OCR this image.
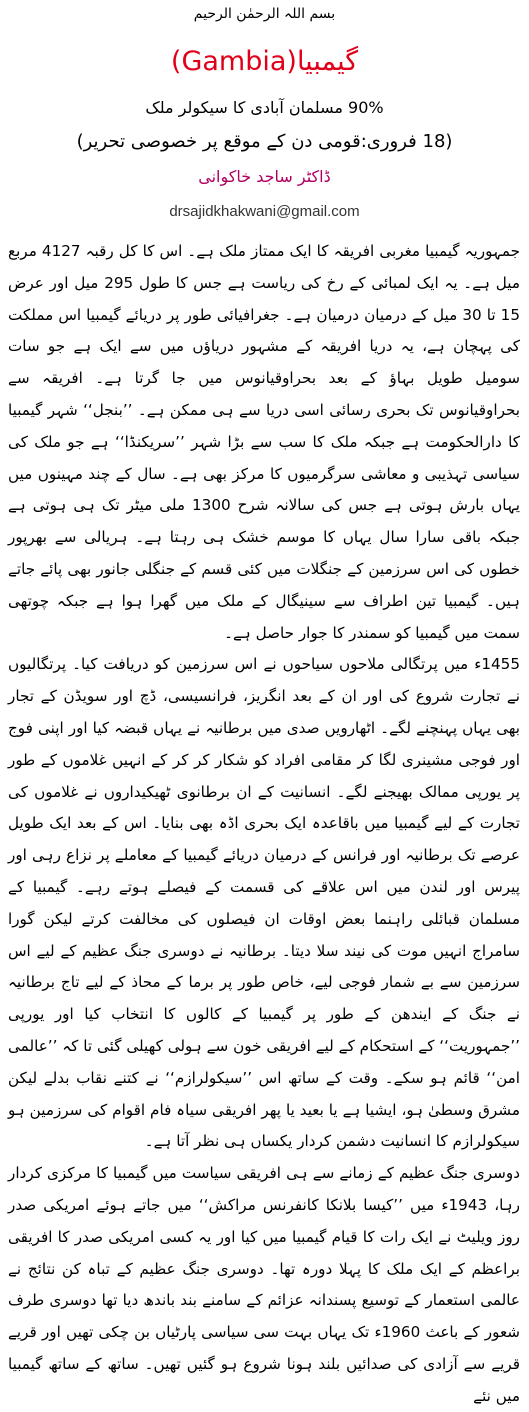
بسم اللہ الرحمٰن الرحیم
گیمبیا(Gambia)
90% مسلمان آبادی کا سیکولر ملک
(18 فروری:قومی دن کے موقع پر خصوصی تحریر)
ڈاکٹر ساجد خاکوانی
drsajidkhakwani@gmail.com

جمہوریہ گیمبیا مغربی افریقہ کا ایک ممتاز ملک ہے۔ اس کا کل رقبہ 4127 مربع میل ہے۔ یہ ایک لمبائی کے رخ کی ریاست ہے جس کا طول 295 میل اور عرض 15 تا 30 میل کے درمیان درمیان ہے۔ جغرافیائی طور پر دریائے گیمبیا اس مملکت کی پہچان ہے، یہ دریا افریقہ کے مشہور دریاؤں میں سے ایک ہے جو سات سومیل طویل بہاؤ کے بعد بحراوقیانوس میں جا گرتا ہے۔ افریقہ سے بحراوقیانوس تک بحری رسائی اسی دریا سے ہی ممکن ہے۔ ’’بنجل‘‘ شہر گیمبیا کا دارالحکومت ہے جبکہ ملک کا سب سے بڑا شہر ’’سریکنڈا‘‘ ہے جو ملک کی سیاسی تہذیبی و معاشی سرگرمیوں کا مرکز بھی ہے۔ سال کے چند مہینوں میں یہاں بارش ہوتی ہے جس کی سالانہ شرح 1300 ملی میٹر تک ہی ہوتی ہے جبکہ باقی سارا سال یہاں کا موسم خشک ہی رہتا ہے۔ ہریالی سے بھرپور خطوں کی اس سرزمین کے جنگلات میں کئی قسم کے جنگلی جانور بھی پائے جاتے ہیں۔ گیمبیا تین اطراف سے سینیگال کے ملک میں گھرا ہوا ہے جبکہ چوتھی سمت میں گیمبیا کو سمندر کا جوار حاصل ہے۔

1455ء میں پرتگالی ملاحوں سیاحوں نے اس سرزمین کو دریافت کیا۔ پرتگالیوں نے تجارت شروع کی اور ان کے بعد انگریز، فرانسیسی، ڈچ اور سویڈن کے تجار بھی یہاں پہنچنے لگے۔ اٹھارویں صدی میں برطانیہ نے یہاں قبضہ کیا اور اپنی فوج اور فوجی مشینری لگا کر مقامی افراد کو شکار کر کر کے انہیں غلاموں کے طور پر یورپی ممالک بھیجنے لگے۔ انسانیت کے ان برطانوی ٹھیکیداروں نے غلاموں کی تجارت کے لیے گیمبیا میں باقاعدہ ایک بحری اڈہ بھی بنایا۔ اس کے بعد ایک طویل عرصے تک برطانیہ اور فرانس کے درمیان دریائے گیمبیا کے معاملے پر نزاع رہی اور پیرس اور لندن میں اس علاقے کی قسمت کے فیصلے ہوتے رہے۔ گیمبیا کے مسلمان قبائلی راہنما بعض اوقات ان فیصلوں کی مخالفت کرتے لیکن گورا سامراج انہیں موت کی نیند سلا دیتا۔ برطانیہ نے دوسری جنگ عظیم کے لیے اس سرزمین سے بے شمار فوجی لیے، خاص طور پر برما کے محاذ کے لیے تاج برطانیہ نے جنگ کے ایندھن کے طور پر گیمبیا کے کالوں کا انتخاب کیا اور یورپی ’’جمہوریت‘‘ کے استحکام کے لیے افریقی خون سے ہولی کھیلی گئی تا کہ ’’عالمی امن‘‘ قائم ہو سکے۔ وقت کے ساتھ اس ’’سیکولرازم‘‘ نے کتنے نقاب بدلے لیکن مشرق وسطیٰ ہو، ایشیا ہے یا بعید یا پھر افریقی سیاہ فام اقوام کی سرزمین ہو سیکولرازم کا انسانیت دشمن کردار یکساں ہی نظر آتا ہے۔

دوسری جنگ عظیم کے زمانے سے ہی افریقی سیاست میں گیمبیا کا مرکزی کردار رہا، 1943ء میں ’’کیسا بلانکا کانفرنس مراکش‘‘ میں جاتے ہوئے امریکی صدر روز ویلیٹ نے ایک رات کا قیام گیمبیا میں کیا اور یہ کسی امریکی صدر کا افریقی براعظم کے ایک ملک کا پہلا دورہ تھا۔ دوسری جنگ عظیم کے تباہ کن نتائج نے عالمی استعمار کے توسیع پسندانہ عزائم کے سامنے بند باندھ دیا تھا دوسری طرف شعور کے باعث 1960ء تک یہاں بہت سی سیاسی پارٹیاں بن چکی تھیں اور قریے قریے سے آزادی کی صدائیں بلند ہونا شروع ہو گئیں تھیں۔ ساتھ کے ساتھ گیمبیا میں نئے
